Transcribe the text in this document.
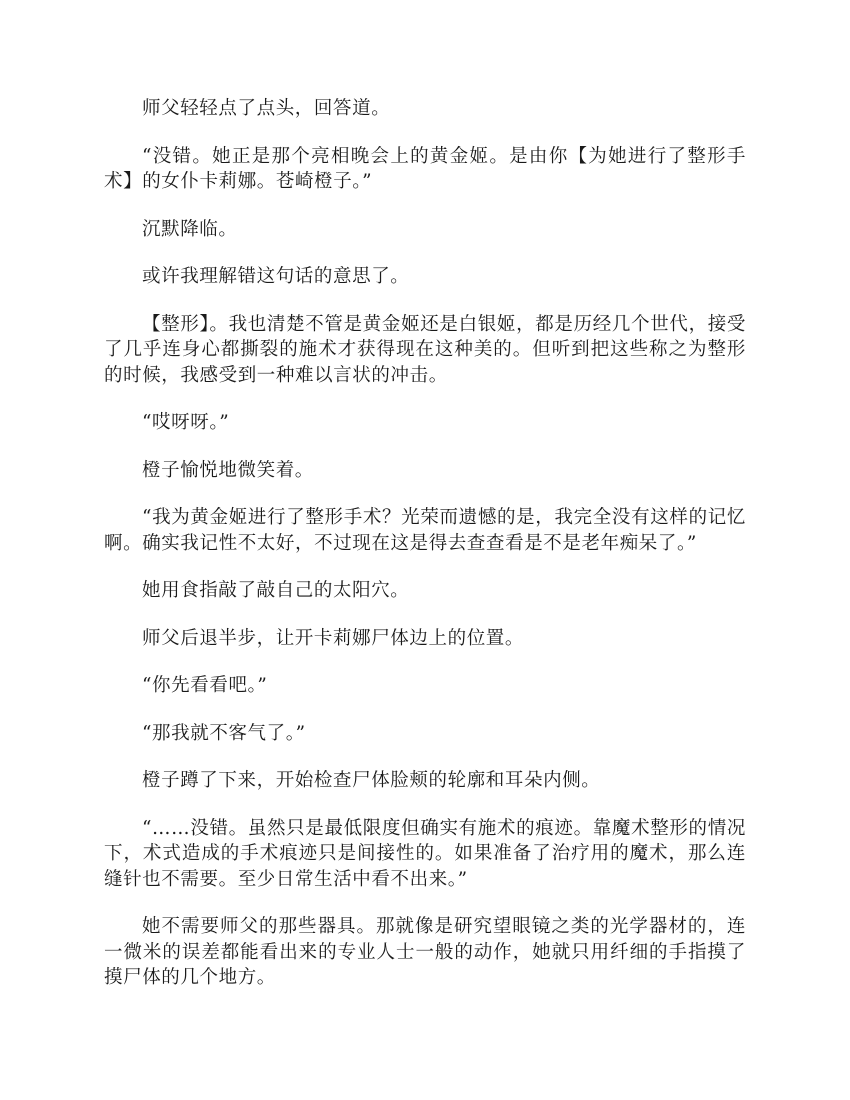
师父轻轻点了点头，回答道。

“没错。她正是那个亮相晚会上的黄金姬。是由你【为她进行了整形手术】的女仆卡莉娜。苍崎橙子。”

沉默降临。

或许我理解错这句话的意思了。

【整形】。我也清楚不管是黄金姬还是白银姬，都是历经几个世代，接受了几乎连身心都撕裂的施术才获得现在这种美的。但听到把这些称之为整形的时候，我感受到一种难以言状的冲击。

“哎呀呀。”

橙子愉悦地微笑着。

“我为黄金姬进行了整形手术？光荣而遗憾的是，我完全没有这样的记忆啊。确实我记性不太好，不过现在这是得去查查看是不是老年痴呆了。”

她用食指敲了敲自己的太阳穴。

师父后退半步，让开卡莉娜尸体边上的位置。

“你先看看吧。”

“那我就不客气了。”

橙子蹲了下来，开始检查尸体脸颊的轮廓和耳朵内侧。

“……没错。虽然只是最低限度但确实有施术的痕迹。靠魔术整形的情况下，术式造成的手术痕迹只是间接性的。如果准备了治疗用的魔术，那么连缝针也不需要。至少日常生活中看不出来。”

她不需要师父的那些器具。那就像是研究望眼镜之类的光学器材的，连一微米的误差都能看出来的专业人士一般的动作，她就只用纤细的手指摸了摸尸体的几个地方。
